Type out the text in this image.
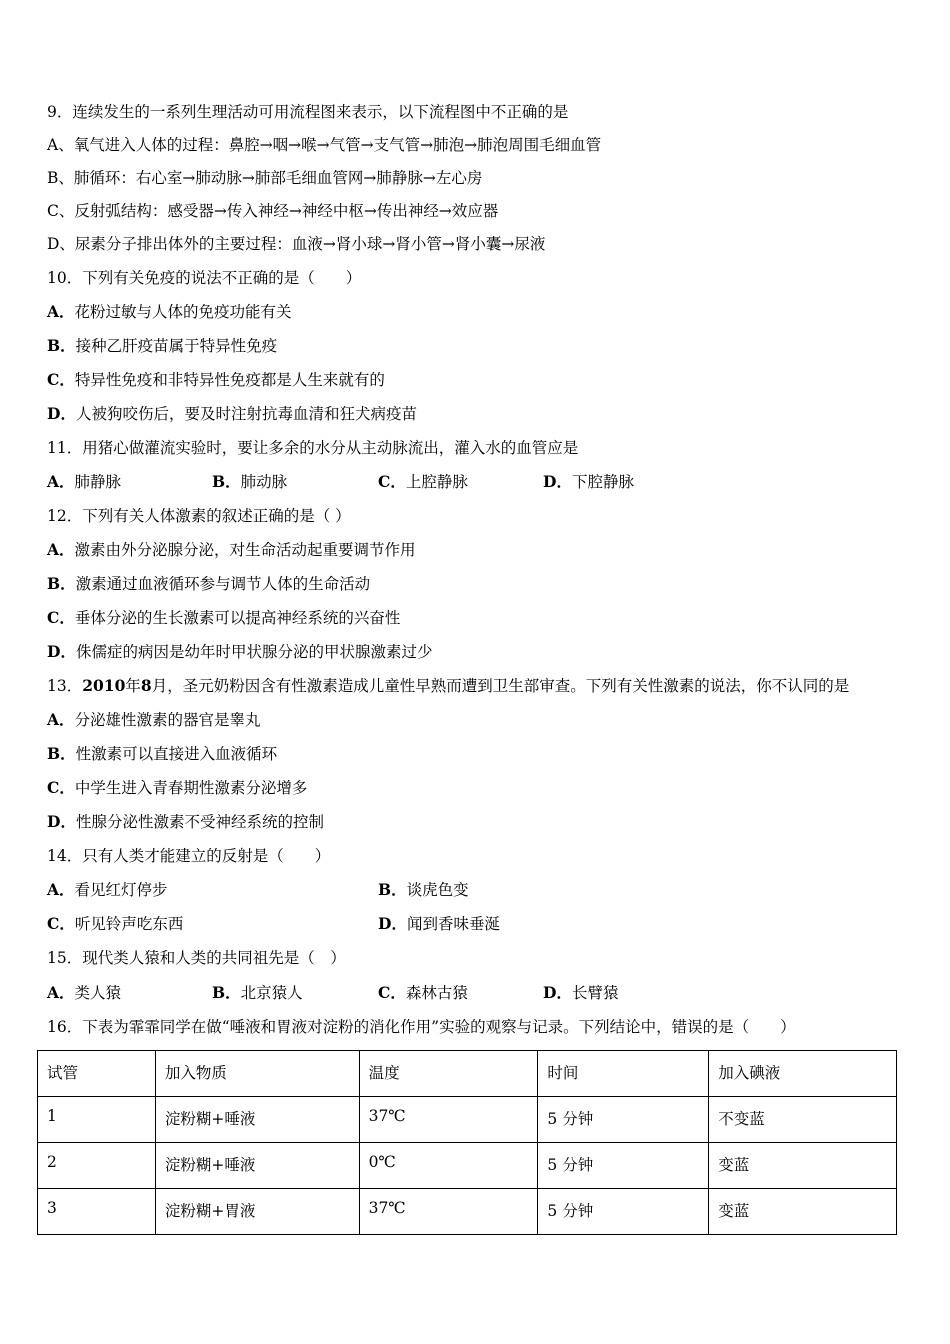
9．连续发生的一系列生理活动可用流程图来表示，以下流程图中不正确的是
A、氧气进入人体的过程：鼻腔→咽→喉→气管→支气管→肺泡→肺泡周围毛细血管
B、肺循环：右心室→肺动脉→肺部毛细血管网→肺静脉→左心房
C、反射弧结构：感受器→传入神经→神经中枢→传出神经→效应器
D、尿素分子排出体外的主要过程：血液→肾小球→肾小管→肾小囊→尿液
10．下列有关免疫的说法不正确的是（　　）
A．花粉过敏与人体的免疫功能有关
B．接种乙肝疫苗属于特异性免疫
C．特异性免疫和非特异性免疫都是人生来就有的
D．人被狗咬伤后，要及时注射抗毒血清和狂犬病疫苗
11．用猪心做灌流实验时，要让多余的水分从主动脉流出，灌入水的血管应是
A．肺静脉	B．肺动脉	C．上腔静脉	D．下腔静脉
12．下列有关人体激素的叙述正确的是（ ）
A．激素由外分泌腺分泌，对生命活动起重要调节作用
B．激素通过血液循环参与调节人体的生命活动
C．垂体分泌的生长激素可以提高神经系统的兴奋性
D．侏儒症的病因是幼年时甲状腺分泌的甲状腺激素过少
13．2010年8月，圣元奶粉因含有性激素造成儿童性早熟而遭到卫生部审查。下列有关性激素的说法，你不认同的是
A．分泌雄性激素的器官是睾丸
B．性激素可以直接进入血液循环
C．中学生进入青春期性激素分泌增多
D．性腺分泌性激素不受神经系统的控制
14．只有人类才能建立的反射是（　　）
A．看见红灯停步	B．谈虎色变
C．听见铃声吃东西	D．闻到香味垂涎
15．现代类人猿和人类的共同祖先是（　）
A．类人猿	B．北京猿人	C．森林古猿	D．长臂猿
16．下表为霏霏同学在做“唾液和胃液对淀粉的消化作用”实验的观察与记录。下列结论中，错误的是（　　）
试管	加入物质	温度	时间	加入碘液
1	淀粉糊+唾液	37℃	5 分钟	不变蓝
2	淀粉糊+唾液	0℃	5 分钟	变蓝
3	淀粉糊+胃液	37℃	5 分钟	变蓝
